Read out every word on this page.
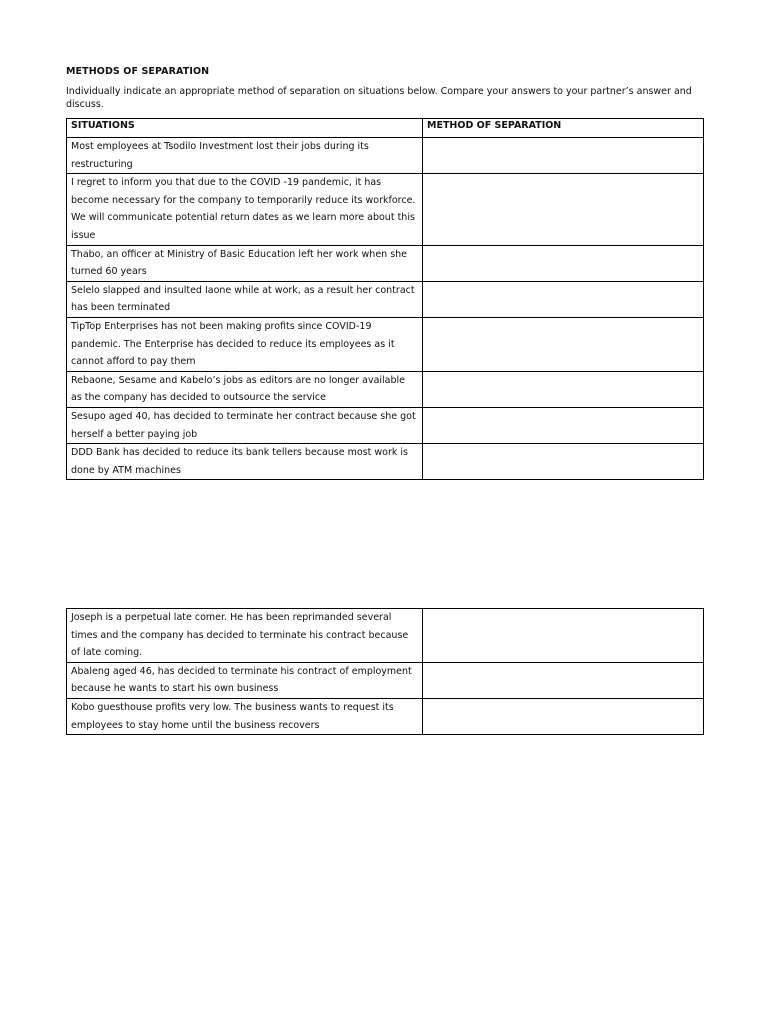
METHODS OF SEPARATION
Individually indicate an appropriate method of separation on situations below. Compare your answers to your partner’s answer and discuss.
SITUATIONS	METHOD OF SEPARATION
Most employees at Tsodilo Investment lost their jobs during its restructuring	
I regret to inform you that due to the COVID -19 pandemic, it has become necessary for the company to temporarily reduce its workforce. We will communicate potential return dates as we learn more about this issue	
Thabo, an officer at Ministry of Basic Education left her work when she turned 60 years	
Selelo slapped and insulted Iaone while at work, as a result her contract has been terminated	
TipTop Enterprises has not been making profits since COVID-19 pandemic. The Enterprise has decided to reduce its employees as it cannot afford to pay them	
Rebaone, Sesame and Kabelo’s jobs as editors are no longer available as the company has decided to outsource the service	
Sesupo aged 40, has decided to terminate her contract because she got herself a better paying job	
DDD Bank has decided to reduce its bank tellers because most work is done by ATM machines	
Joseph is a perpetual late comer. He has been reprimanded several times and the company has decided to terminate his contract because of late coming.	
Abaleng aged 46, has decided to terminate his contract of employment because he wants to start his own business	
Kobo guesthouse profits very low. The business wants to request its employees to stay home until the business recovers	
